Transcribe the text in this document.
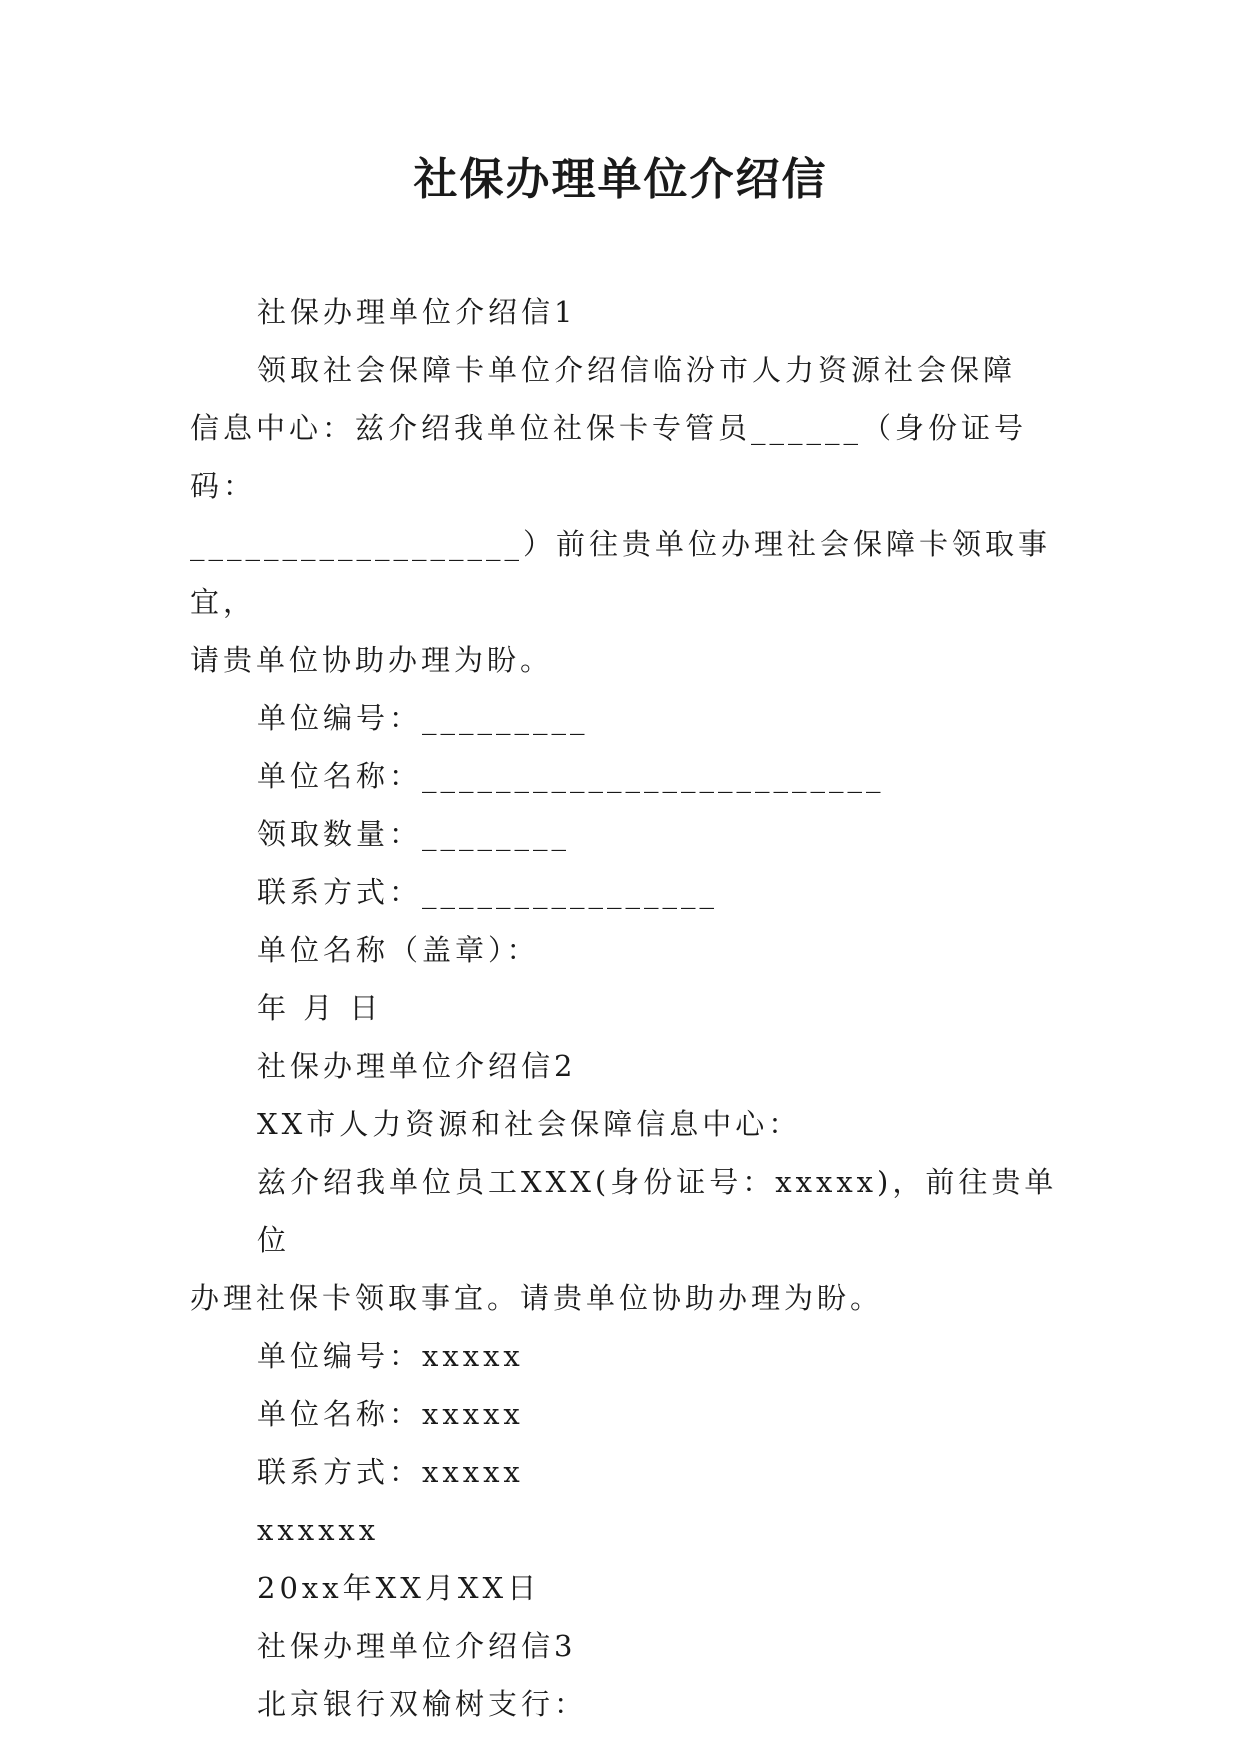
社保办理单位介绍信

社保办理单位介绍信1

领取社会保障卡单位介绍信临汾市人力资源社会保障
信息中心：兹介绍我单位社保卡专管员______（身份证号码：
__________________）前往贵单位办理社会保障卡领取事宜，
请贵单位协助办理为盼。

单位编号：_________

单位名称：_________________________

领取数量：________

联系方式：________________

单位名称（盖章）：

年 月 日

社保办理单位介绍信2

XX市人力资源和社会保障信息中心：

兹介绍我单位员工XXX(身份证号：xxxxx)，前往贵单位
办理社保卡领取事宜。请贵单位协助办理为盼。

单位编号：xxxxx

单位名称：xxxxx

联系方式：xxxxx

xxxxxx

20xx年XX月XX日

社保办理单位介绍信3

北京银行双榆树支行：
